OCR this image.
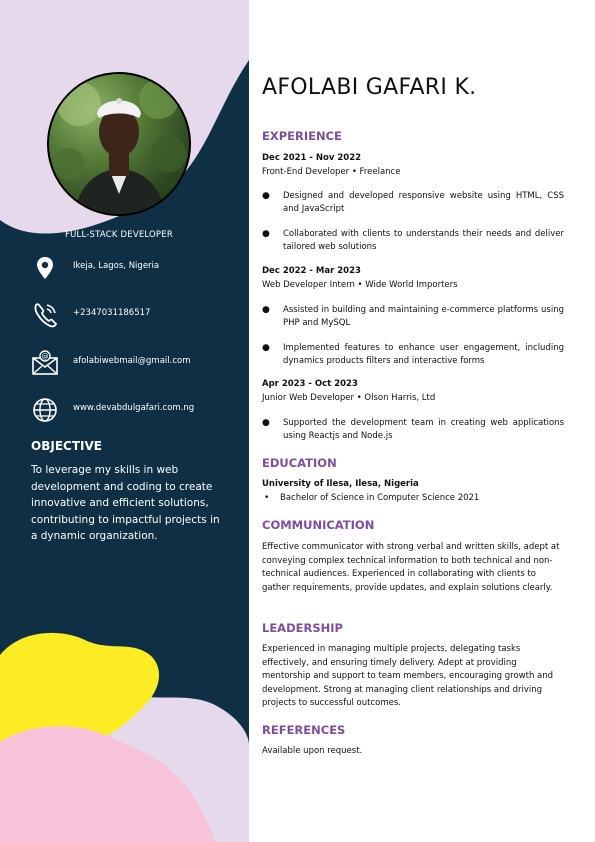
FULL-STACK DEVELOPER
Ikeja, Lagos, Nigeria
+2347031186517
@	afolabiwebmail@gmail.com
www.devabdulgafari.com.ng
OBJECTIVE
To leverage my skills in web development and coding to create innovative and efficient solutions, contributing to impactful projects in a dynamic organization.
AFOLABI GAFARI K.
EXPERIENCE
Dec 2021 - Nov 2022
Front-End Developer • Freelance
● Designed and developed responsive website using HTML, CSS and JavaScript
● Collaborated with clients to understands their needs and deliver tailored web solutions
Dec 2022 - Mar 2023
Web Developer Intern • Wide World Importers
● Assisted in building and maintaining e-commerce platforms using PHP and MySQL
● Implemented features to enhance user engagement, including dynamics products filters and interactive forms
Apr 2023 - Oct 2023
Junior Web Developer • Olson Harris, Ltd
● Supported the development team in creating web applications using Reactjs and Node.js
EDUCATION
University of Ilesa, Ilesa, Nigeria
• Bachelor of Science in Computer Science 2021
COMMUNICATION
Effective communicator with strong verbal and written skills, adept at conveying complex technical information to both technical and non-technical audiences. Experienced in collaborating with clients to gather requirements, provide updates, and explain solutions clearly.
LEADERSHIP
Experienced in managing multiple projects, delegating tasks effectively, and ensuring timely delivery. Adept at providing mentorship and support to team members, encouraging growth and development. Strong at managing client relationships and driving projects to successful outcomes.
REFERENCES
Available upon request.
